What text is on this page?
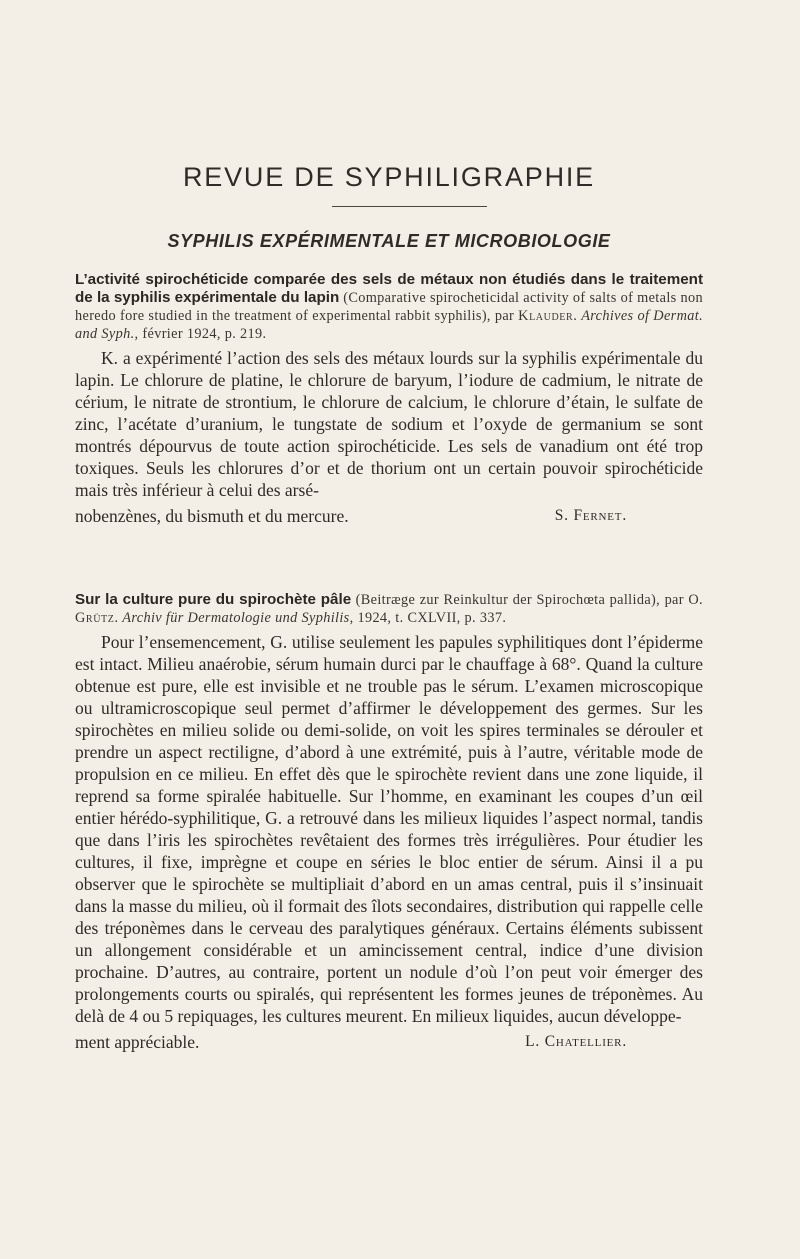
REVUE DE SYPHILIGRAPHIE
SYPHILIS EXPÉRIMENTALE ET MICROBIOLOGIE

L’activité spirochéticide comparée des sels de métaux non étudiés dans le traitement de la syphilis expérimentale du lapin (Comparative spirocheticidal activity of salts of metals non heredo fore studied in the treatment of experimental rabbit syphilis), par Klauder. Archives of Dermat. and Syph., février 1924, p. 219.

K. a expérimenté l’action des sels des métaux lourds sur la syphilis expérimentale du lapin. Le chlorure de platine, le chlorure de baryum, l’iodure de cadmium, le nitrate de cérium, le nitrate de strontium, le chlorure de calcium, le chlorure d’étain, le sulfate de zinc, l’acétate d’uranium, le tungstate de sodium et l’oxyde de germanium se sont montrés dépourvus de toute action spirochéticide. Les sels de vanadium ont été trop toxiques. Seuls les chlorures d’or et de thorium ont un certain pouvoir spirochéticide mais très inférieur à celui des arsé-

nobenzènes, du bismuth et du mercure.	S. Fernet.

Sur la culture pure du spirochète pâle (Beitræge zur Reinkultur der Spirochœta pallida), par O. Grütz. Archiv für Dermatologie und Syphilis, 1924, t. CXLVII, p. 337.

Pour l’ensemencement, G. utilise seulement les papules syphilitiques dont l’épiderme est intact. Milieu anaérobie, sérum humain durci par le chauffage à 68°. Quand la culture obtenue est pure, elle est invisible et ne trouble pas le sérum. L’examen microscopique ou ultramicroscopique seul permet d’affirmer le développement des germes. Sur les spirochètes en milieu solide ou demi-solide, on voit les spires terminales se dérouler et prendre un aspect rectiligne, d’abord à une extrémité, puis à l’autre, véritable mode de propulsion en ce milieu. En effet dès que le spirochète revient dans une zone liquide, il reprend sa forme spiralée habituelle. Sur l’homme, en examinant les coupes d’un œil entier hérédo-syphilitique, G. a retrouvé dans les milieux liquides l’aspect normal, tandis que dans l’iris les spirochètes revêtaient des formes très irrégulières. Pour étudier les cultures, il fixe, imprègne et coupe en séries le bloc entier de sérum. Ainsi il a pu observer que le spirochète se multipliait d’abord en un amas central, puis il s’insinuait dans la masse du milieu, où il formait des îlots secondaires, distribution qui rappelle celle des tréponèmes dans le cerveau des paralytiques généraux. Certains éléments subissent un allongement considérable et un amincissement central, indice d’une division prochaine. D’autres, au contraire, portent un nodule d’où l’on peut voir émerger des prolongements courts ou spiralés, qui représentent les formes jeunes de tréponèmes. Au delà de 4 ou 5 repiquages, les cultures meurent. En milieux liquides, aucun développe-

ment appréciable.	L. Chatellier.
